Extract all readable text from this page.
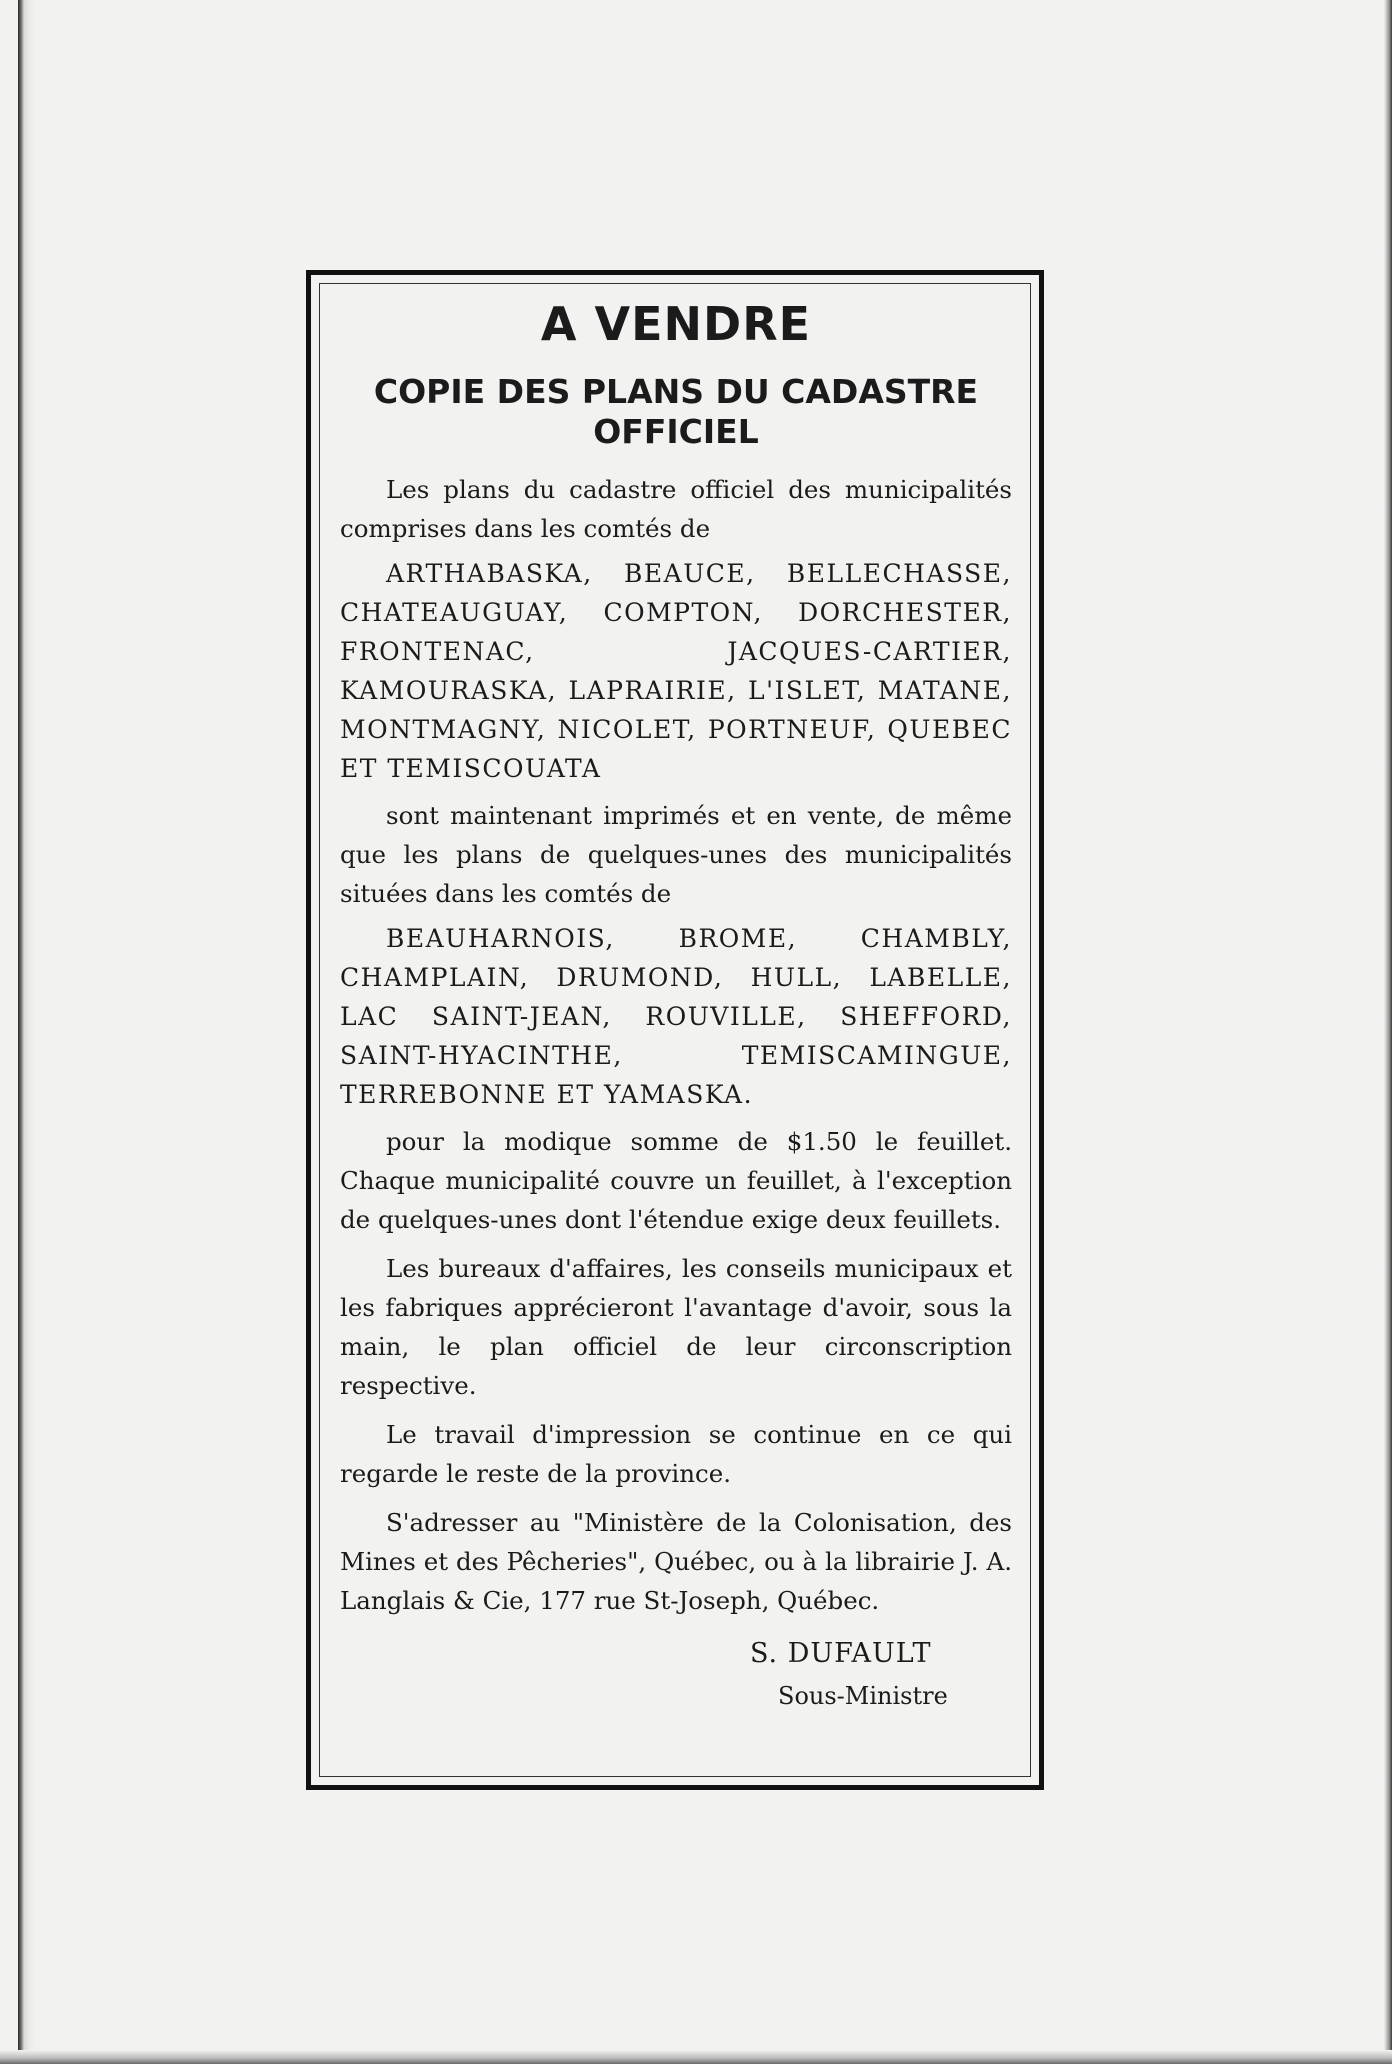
A VENDRE
COPIE DES PLANS DU CADASTRE OFFICIEL

Les plans du cadastre officiel des municipalités comprises dans les comtés de

ARTHABASKA, BEAUCE, BELLECHASSE, CHATEAUGUAY, COMPTON, DORCHESTER, FRONTENAC, JACQUES-CARTIER, KAMOURASKA, LAPRAIRIE, L'ISLET, MATANE, MONTMAGNY, NICOLET, PORTNEUF, QUEBEC ET TEMISCOUATA

sont maintenant imprimés et en vente, de même que les plans de quelques-unes des municipalités situées dans les comtés de

BEAUHARNOIS, BROME, CHAMBLY, CHAMPLAIN, DRUMOND, HULL, LABELLE, LAC SAINT-JEAN, ROUVILLE, SHEFFORD, SAINT-HYACINTHE, TEMISCAMINGUE, TERREBONNE ET YAMASKA.

pour la modique somme de $1.50 le feuillet. Chaque municipalité couvre un feuillet, à l'exception de quelques-unes dont l'étendue exige deux feuillets.

Les bureaux d'affaires, les conseils municipaux et les fabriques apprécieront l'avantage d'avoir, sous la main, le plan officiel de leur circonscription respective.

Le travail d'impression se continue en ce qui regarde le reste de la province.

S'adresser au "Ministère de la Colonisation, des Mines et des Pêcheries", Québec, ou à la librairie J. A. Langlais & Cie, 177 rue St-Joseph, Québec.

S. DUFAULT

Sous-Ministre
